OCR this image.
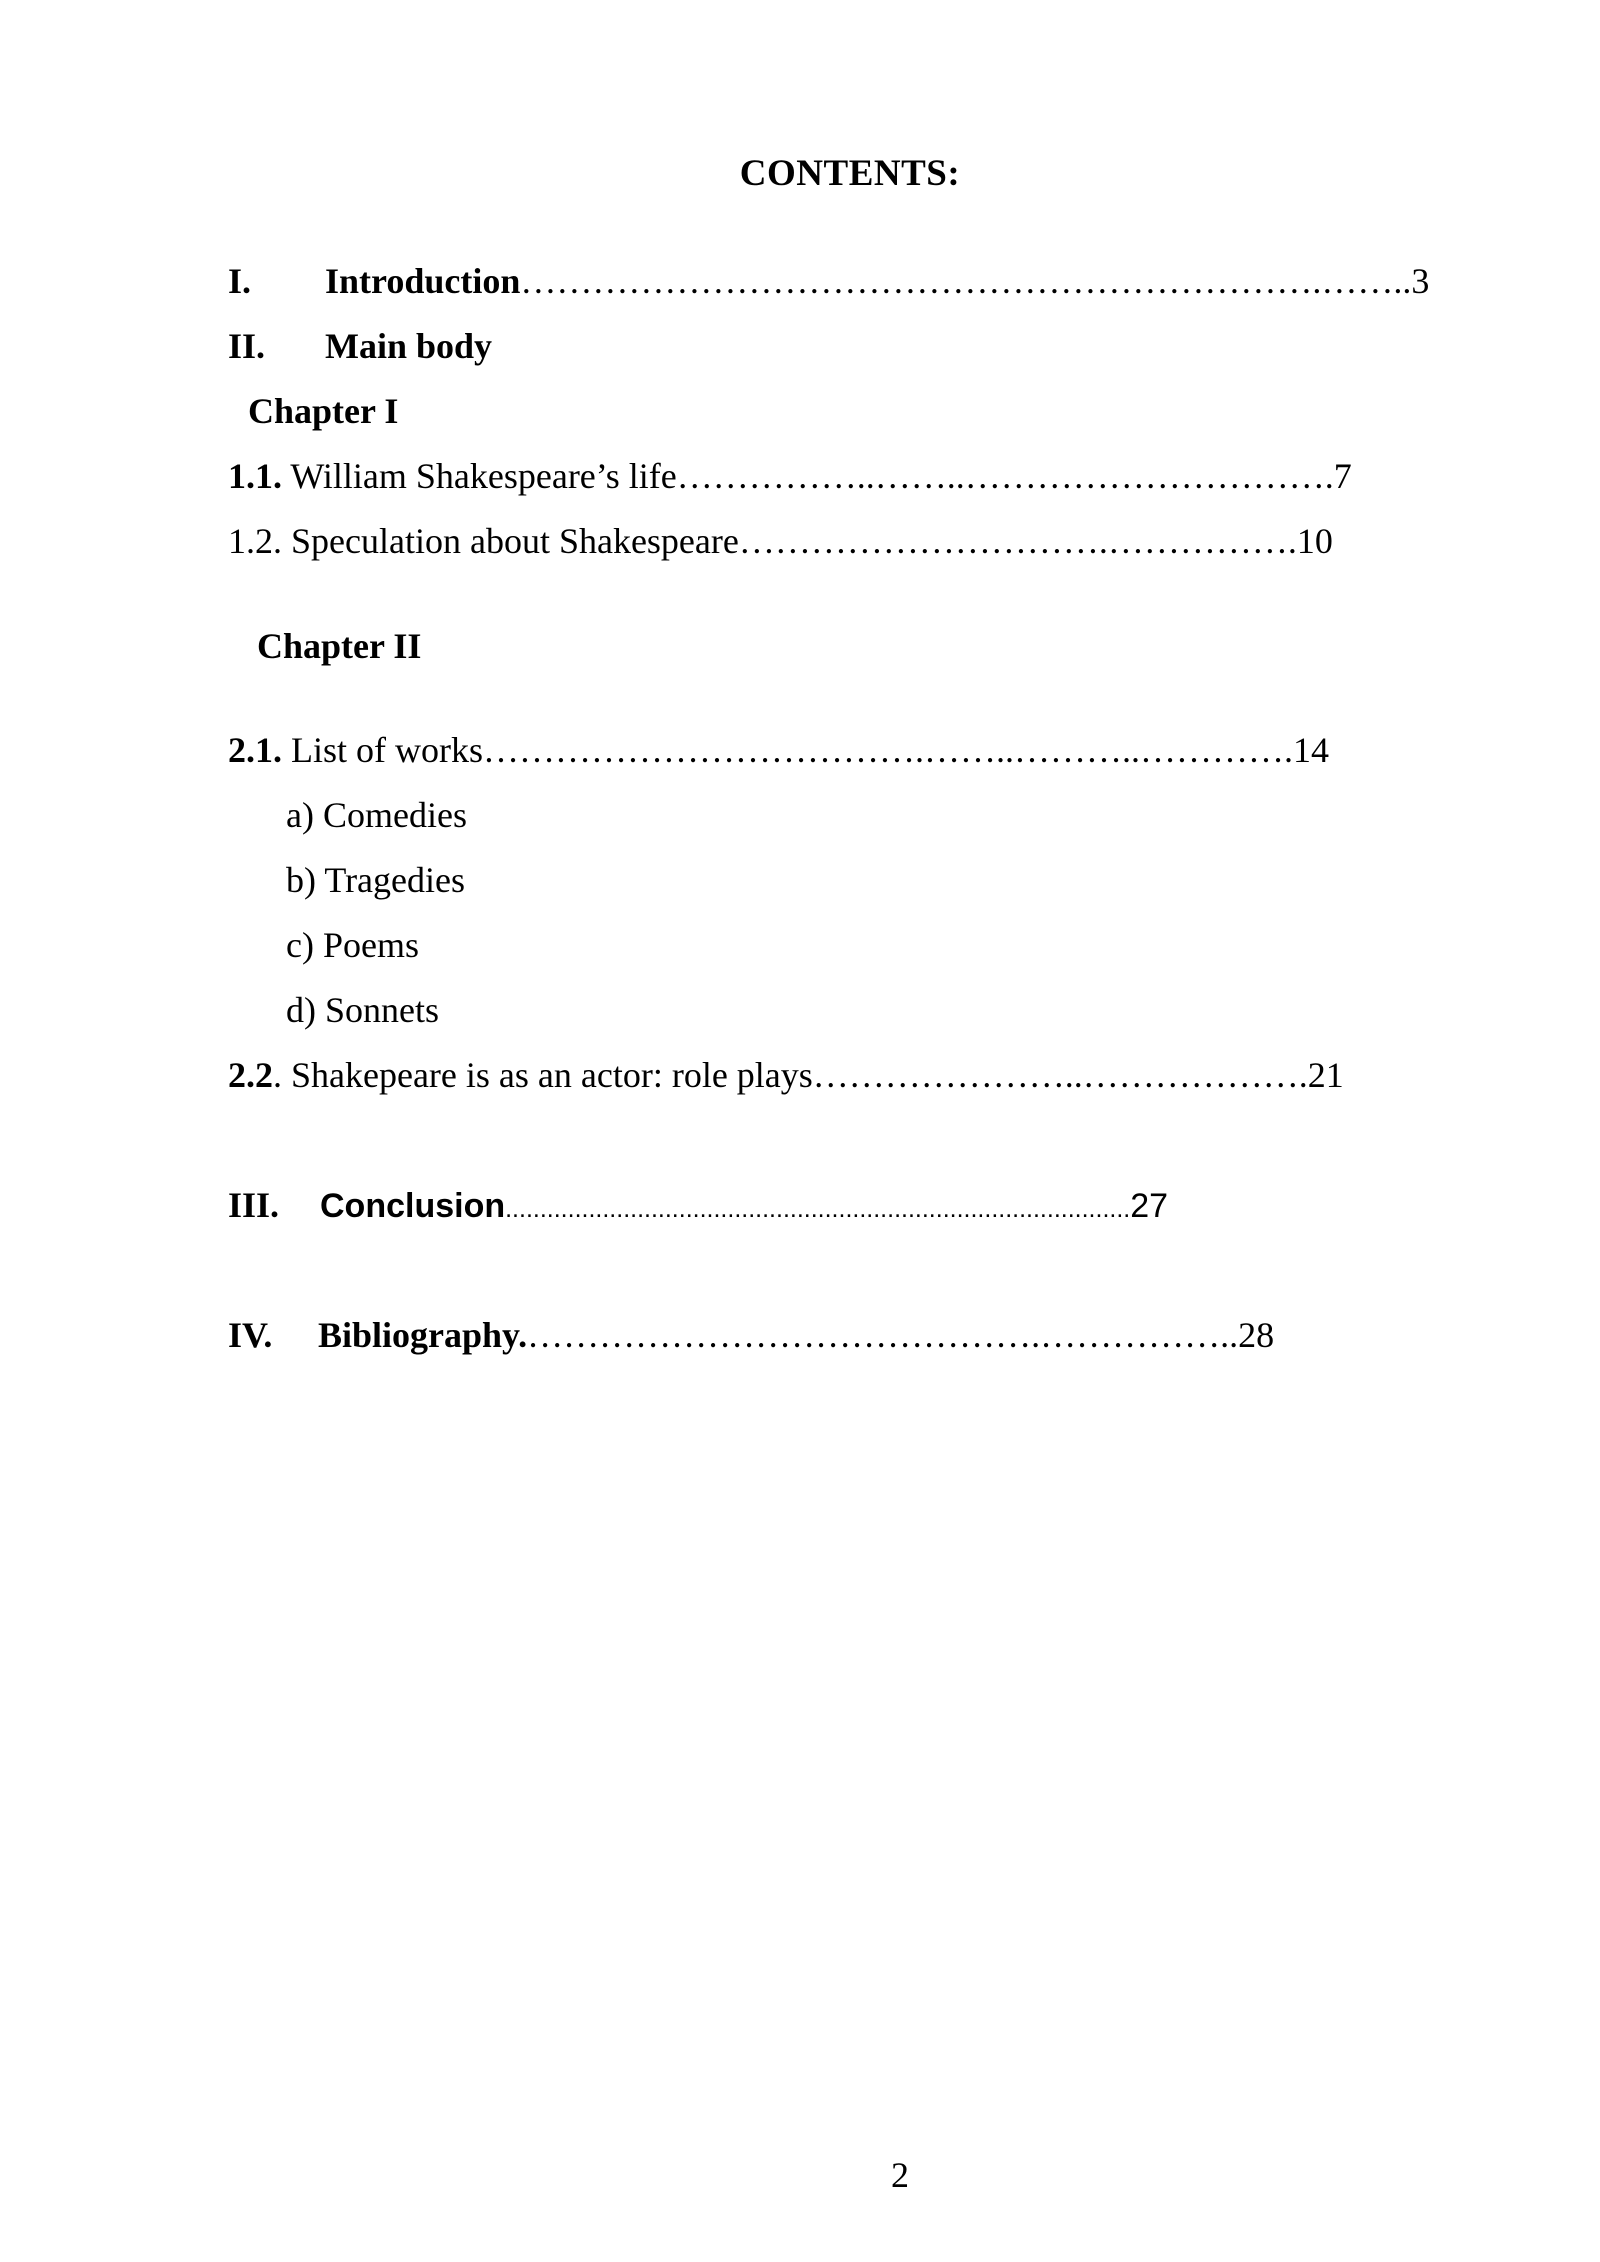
CONTENTS:
I. Introduction………………………………………………………….……..3
II. Main body
Chapter I
1.1. William Shakespeare’s life……………..……..………………………….7
1.2. Speculation about Shakespeare………………………….…………….10
Chapter II
2.1. List of works……………………………….……..………..………….14
a) Comedies
b) Tragedies
c) Poems
d) Sonnets
2.2. Shakepeare is as an actor: role plays…………………..……………….21
III. Conclusion..........................................................................................27
IV. Bibliography.…………………………………….……………..28
2
